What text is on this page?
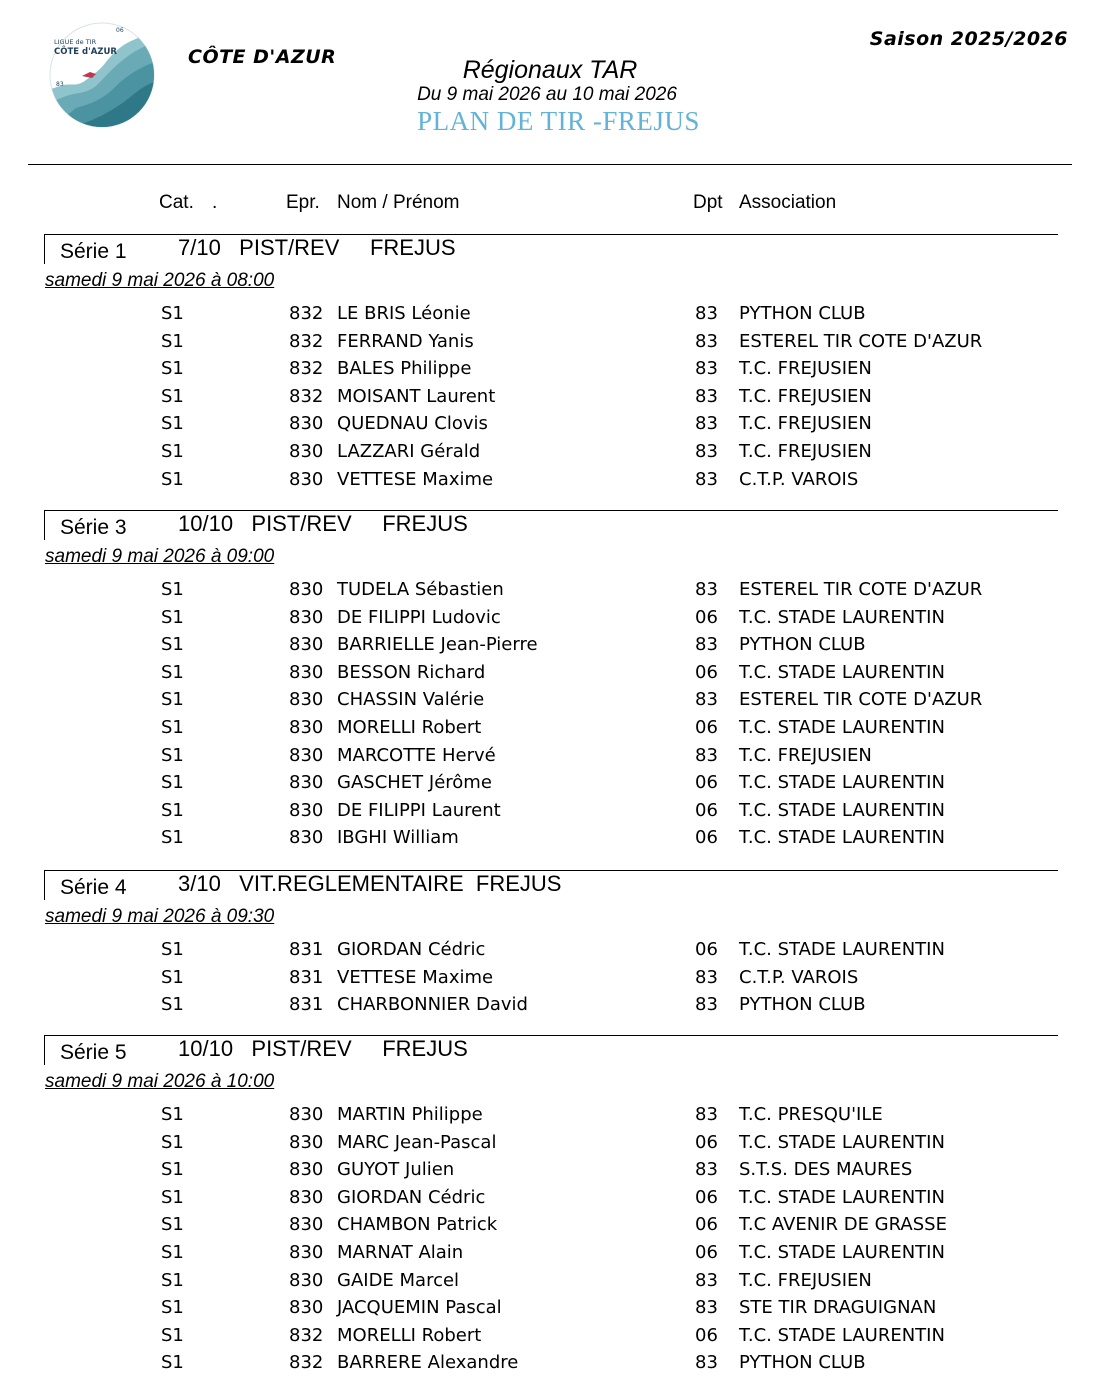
LIGUE de TIR
CÔTE d'AZUR
06
83
CÔTE D'AZUR
Saison 2025/2026
Régionaux TAR
Du 9 mai 2026 au 10 mai 2026
PLAN DE TIR -FREJUS
Cat. .	Epr. Nom / Prénom	Dpt Association
Série 1 7/10   PIST/REV     FREJUS
samedi 9 mai 2026 à 08:00
S1	832 LE BRIS Léonie	83 PYTHON CLUB
S1	832 FERRAND Yanis	83 ESTEREL TIR COTE D'AZUR
S1	832 BALES Philippe	83 T.C. FREJUSIEN
S1	832 MOISANT Laurent	83 T.C. FREJUSIEN
S1	830 QUEDNAU Clovis	83 T.C. FREJUSIEN
S1	830 LAZZARI Gérald	83 T.C. FREJUSIEN
S1	830 VETTESE Maxime	83 C.T.P. VAROIS
Série 3 10/10   PIST/REV     FREJUS
samedi 9 mai 2026 à 09:00
S1	830 TUDELA Sébastien	83 ESTEREL TIR COTE D'AZUR
S1	830 DE FILIPPI Ludovic	06 T.C. STADE LAURENTIN
S1	830 BARRIELLE Jean-Pierre	83 PYTHON CLUB
S1	830 BESSON Richard	06 T.C. STADE LAURENTIN
S1	830 CHASSIN Valérie	83 ESTEREL TIR COTE D'AZUR
S1	830 MORELLI Robert	06 T.C. STADE LAURENTIN
S1	830 MARCOTTE Hervé	83 T.C. FREJUSIEN
S1	830 GASCHET Jérôme	06 T.C. STADE LAURENTIN
S1	830 DE FILIPPI Laurent	06 T.C. STADE LAURENTIN
S1	830 IBGHI William	06 T.C. STADE LAURENTIN
Série 4 3/10   VIT.REGLEMENTAIRE  FREJUS
samedi 9 mai 2026 à 09:30
S1	831 GIORDAN Cédric	06 T.C. STADE LAURENTIN
S1	831 VETTESE Maxime	83 C.T.P. VAROIS
S1	831 CHARBONNIER David	83 PYTHON CLUB
Série 5 10/10   PIST/REV     FREJUS
samedi 9 mai 2026 à 10:00
S1	830 MARTIN Philippe	83 T.C. PRESQU'ILE
S1	830 MARC Jean-Pascal	06 T.C. STADE LAURENTIN
S1	830 GUYOT Julien	83 S.T.S. DES MAURES
S1	830 GIORDAN Cédric	06 T.C. STADE LAURENTIN
S1	830 CHAMBON Patrick	06 T.C AVENIR DE GRASSE
S1	830 MARNAT Alain	06 T.C. STADE LAURENTIN
S1	830 GAIDE Marcel	83 T.C. FREJUSIEN
S1	830 JACQUEMIN Pascal	83 STE TIR DRAGUIGNAN
S1	832 MORELLI Robert	06 T.C. STADE LAURENTIN
S1	832 BARRERE Alexandre	83 PYTHON CLUB
